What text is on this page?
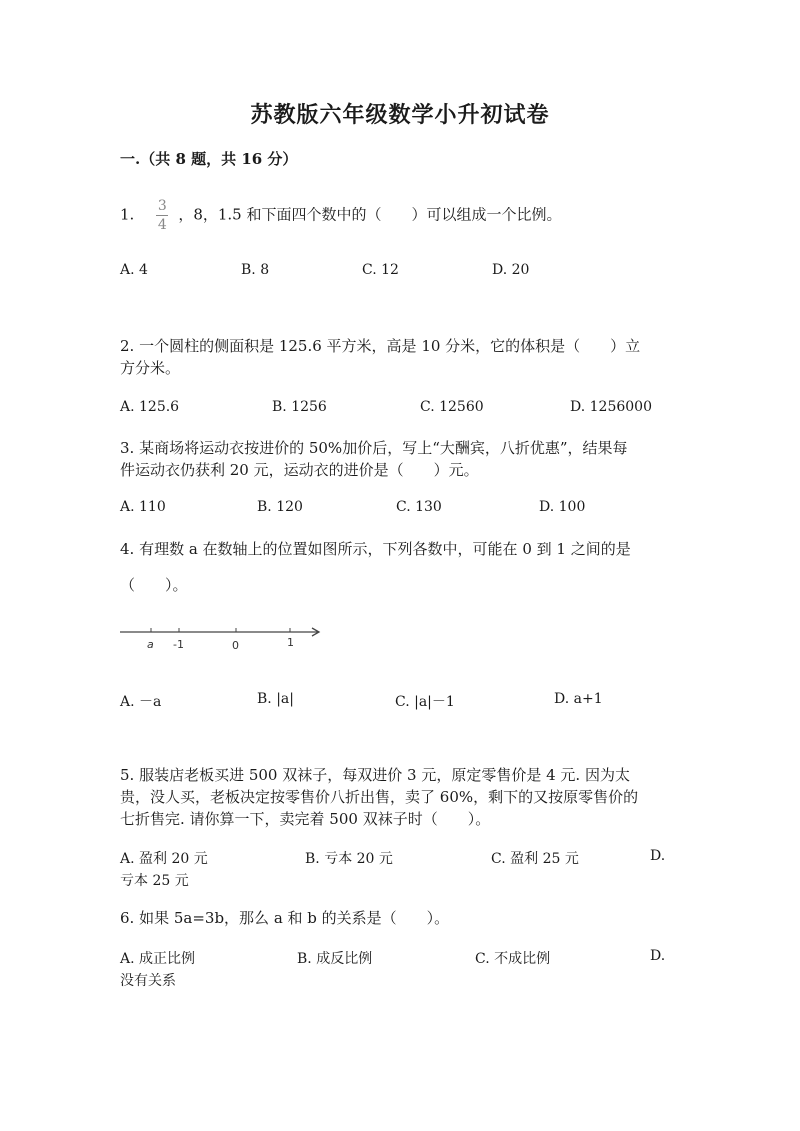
苏教版六年级数学小升初试卷
一.（共 8 题，共 16 分）
1. $\frac{3}{4}$ ，8，1.5 和下面四个数中的（　　）可以组成一个比例。
A. 4	B. 8	C. 12	D. 20
2. 一个圆柱的侧面积是 125.6 平方米，高是 10 分米，它的体积是（　　）立
方分米。
A. 125.6	B. 1256	C. 12560	D. 1256000
3. 某商场将运动衣按进价的 50%加价后，写上“大酬宾，八折优惠”，结果每
件运动衣仍获利 20 元，运动衣的进价是（　　）元。
A. 110	B. 120	C. 130	D. 100
4. 有理数 a 在数轴上的位置如图所示，下列各数中，可能在 0 到 1 之间的是
（　　）。
a -1	0	1
A. －a	B. |a|	C. |a|－1	D. a+1
5. 服装店老板买进 500 双袜子，每双进价 3 元，原定零售价是 4 元. 因为太
贵，没人买，老板决定按零售价八折出售，卖了 60%，剩下的又按原零售价的
七折售完. 请你算一下，卖完着 500 双袜子时（　　）。
A. 盈利 20 元	B. 亏本 20 元	C. 盈利 25 元	D.
亏本 25 元
6. 如果 5a=3b，那么 a 和 b 的关系是（　　）。
A. 成正比例	B. 成反比例	C. 不成比例	D.
没有关系
